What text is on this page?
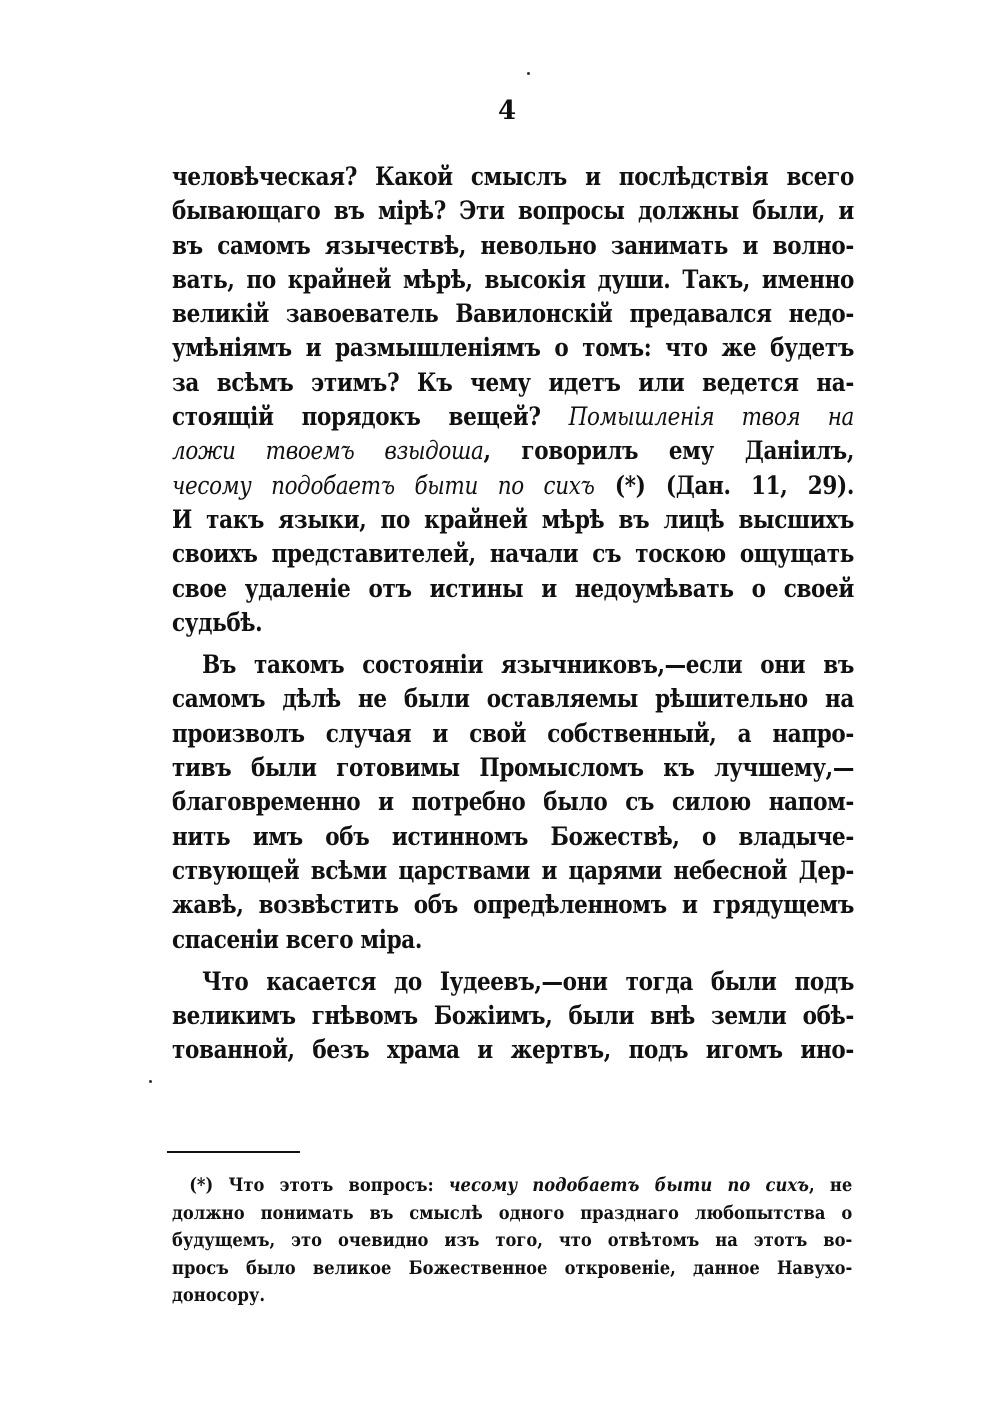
4
человѣческая? Какой смыслъ и послѣдствія всего
бывающаго въ мірѣ? Эти вопросы должны были, и
въ самомъ язычествѣ, невольно занимать и волно-
вать, по крайней мѣрѣ, высокія души. Такъ, именно
великій завоеватель Вавилонскій предавался недо-
умѣніямъ и размышленіямъ о томъ: что же будетъ
за всѣмъ этимъ? Къ чему идетъ или ведется на-
стоящій порядокъ вещей? Помышленія твоя на
ложи твоемъ взыдоша, говорилъ ему Даніилъ,
чесому подобаетъ быти по сихъ (*) (Дан. 11, 29).
И такъ языки, по крайней мѣрѣ въ лицѣ высшихъ
своихъ представителей, начали съ тоскою ощущать
свое удаленіе отъ истины и недоумѣвать о своей
судьбѣ.
Въ такомъ состояніи язычниковъ,—если они въ
самомъ дѣлѣ не были оставляемы рѣшительно на
произволъ случая и свой собственный, а напро-
тивъ были готовимы Промысломъ къ лучшему,—
благовременно и потребно было съ силою напом-
нить имъ объ истинномъ Божествѣ, о владыче-
ствующей всѣми царствами и царями небесной Дер-
жавѣ, возвѣстить объ опредѣленномъ и грядущемъ
спасеніи всего міра.
Что касается до Іудеевъ,—они тогда были подъ
великимъ гнѣвомъ Божіимъ, были внѣ земли обѣ-
тованной, безъ храма и жертвъ, подъ игомъ ино-
(*) Что этотъ вопросъ: чесому подобаетъ быти по сихъ, не
должно понимать въ смыслѣ одного празднаго любопытства о
будущемъ, это очевидно изъ того, что отвѣтомъ на этотъ во-
просъ было великое Божественное откровеніе, данное Навухо-
доносору.
